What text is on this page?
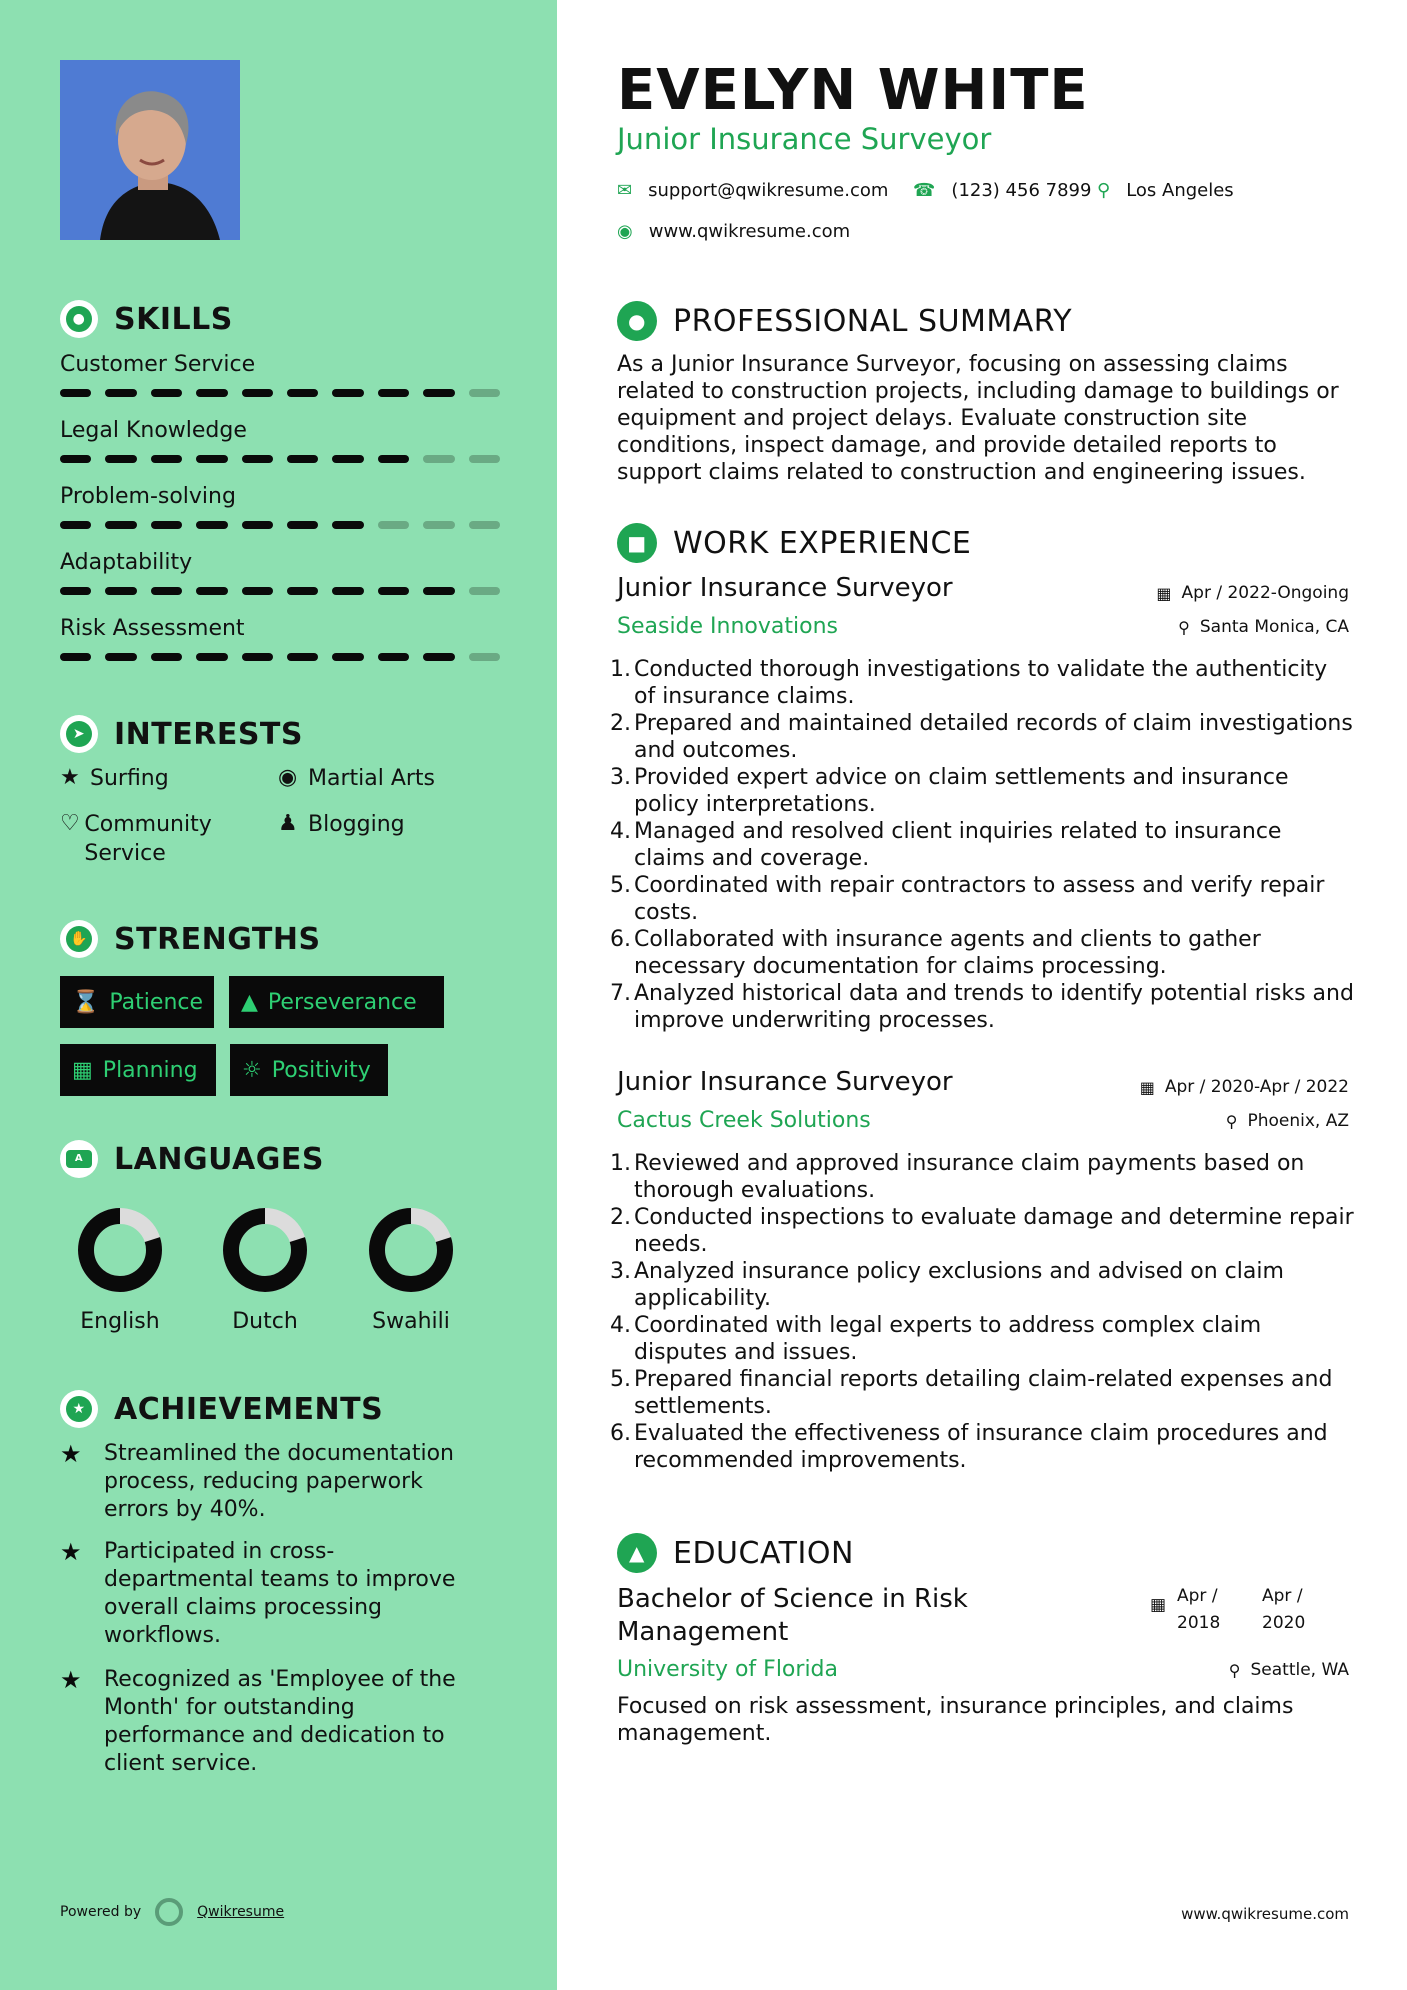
● SKILLS
Customer Service
Legal Knowledge
Problem-solving
Adaptability
Risk Assessment
➤ INTERESTS
★ Surfing	◉ Martial Arts
♡ Community Service
♟ Blogging
✋ STRENGTHS
⌛ Patience ▲ Perseverance
▦ Planning ☼ Positivity
A LANGUAGES
English	Dutch	Swahili
★ ACHIEVEMENTS
★	Streamlined the documentation process, reducing paperwork errors by 40%.
★	Participated in cross-departmental teams to improve overall claims processing workflows.
★	Recognized as 'Employee of the Month' for outstanding performance and dedication to client service.
Powered by	Qwikresume
EVELYN WHITE
Junior Insurance Surveyor
✉ support@qwikresume.com ☎ (123) 456 7899 ⚲ Los Angeles
◉ www.qwikresume.com
● PROFESSIONAL SUMMARY
As a Junior Insurance Surveyor, focusing on assessing claims related to construction projects, including damage to buildings or equipment and project delays. Evaluate construction site conditions, inspect damage, and provide detailed reports to support claims related to construction and engineering issues.
■ WORK EXPERIENCE
Junior Insurance Surveyor	▦ Apr / 2022-Ongoing
Seaside Innovations	⚲ Santa Monica, CA
1. Conducted thorough investigations to validate the authenticity of insurance claims.
2. Prepared and maintained detailed records of claim investigations and outcomes.
3. Provided expert advice on claim settlements and insurance policy interpretations.
4. Managed and resolved client inquiries related to insurance claims and coverage.
5. Coordinated with repair contractors to assess and verify repair costs.
6. Collaborated with insurance agents and clients to gather necessary documentation for claims processing.
7. Analyzed historical data and trends to identify potential risks and improve underwriting processes.
Junior Insurance Surveyor	▦ Apr / 2020-Apr / 2022
Cactus Creek Solutions	⚲ Phoenix, AZ
1. Reviewed and approved insurance claim payments based on thorough evaluations.
2. Conducted inspections to evaluate damage and determine repair needs.
3. Analyzed insurance policy exclusions and advised on claim applicability.
4. Coordinated with legal experts to address complex claim disputes and issues.
5. Prepared financial reports detailing claim-related expenses and settlements.
6. Evaluated the effectiveness of insurance claim procedures and recommended improvements.
▲ EDUCATION
Bachelor of Science in Risk Management
▦ Apr / 2018
Apr / 2020
University of Florida	⚲ Seattle, WA
Focused on risk assessment, insurance principles, and claims management.
www.qwikresume.com
